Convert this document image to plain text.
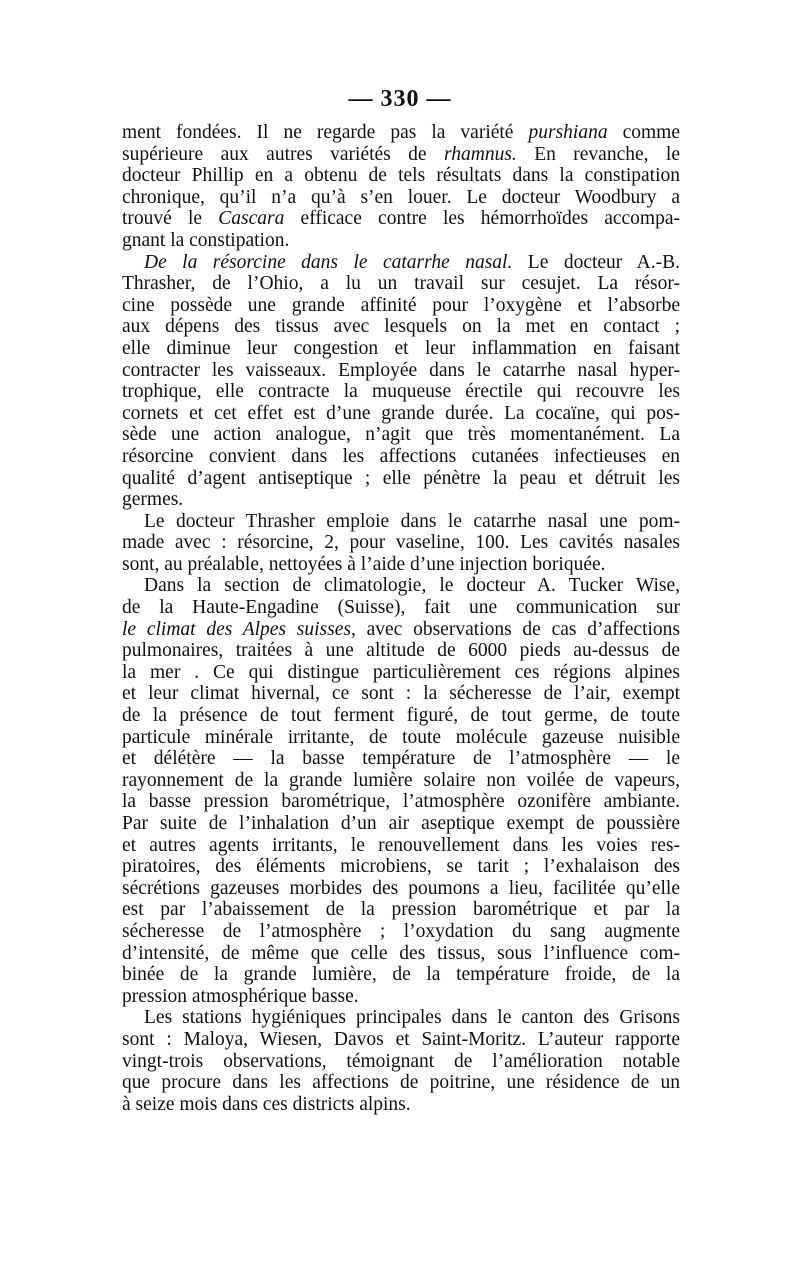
— 330 —
ment fondées. Il ne regarde pas la variété purshiana comme
supérieure aux autres variétés de rhamnus. En revanche, le
docteur Phillip en a obtenu de tels résultats dans la constipation
chronique, qu’il n’a qu’à s’en louer. Le docteur Woodbury a
trouvé le Cascara efficace contre les hémorrhoïdes accompa-
gnant la constipation.
De la résorcine dans le catarrhe nasal. Le docteur A.-B.
Thrasher, de l’Ohio, a lu un travail sur cesujet. La résor-
cine possède une grande affinité pour l’oxygène et l’absorbe
aux dépens des tissus avec lesquels on la met en contact ;
elle diminue leur congestion et leur inflammation en faisant
contracter les vaisseaux. Employée dans le catarrhe nasal hyper-
trophique, elle contracte la muqueuse érectile qui recouvre les
cornets et cet effet est d’une grande durée. La cocaïne, qui pos-
sède une action analogue, n’agit que très momentanément. La
résorcine convient dans les affections cutanées infectieuses en
qualité d’agent antiseptique ; elle pénètre la peau et détruit les
germes.
Le docteur Thrasher emploie dans le catarrhe nasal une pom-
made avec : résorcine, 2, pour vaseline, 100. Les cavités nasales
sont, au préalable, nettoyées à l’aide d’une injection boriquée.
Dans la section de climatologie, le docteur A. Tucker Wise,
de la Haute-Engadine (Suisse), fait une communication sur
le climat des Alpes suisses, avec observations de cas d’affections
pulmonaires, traitées à une altitude de 6000 pieds au-dessus de
la mer . Ce qui distingue particulièrement ces régions alpines
et leur climat hivernal, ce sont : la sécheresse de l’air, exempt
de la présence de tout ferment figuré, de tout germe, de toute
particule minérale irritante, de toute molécule gazeuse nuisible
et délétère — la basse température de l’atmosphère — le
rayonnement de la grande lumière solaire non voilée de vapeurs,
la basse pression barométrique, l’atmosphère ozonifère ambiante.
Par suite de l’inhalation d’un air aseptique exempt de poussière
et autres agents irritants, le renouvellement dans les voies res-
piratoires, des éléments microbiens, se tarit ; l’exhalaison des
sécrétions gazeuses morbides des poumons a lieu, facilitée qu’elle
est par l’abaissement de la pression barométrique et par la
sécheresse de l’atmosphère ; l’oxydation du sang augmente
d’intensité, de même que celle des tissus, sous l’influence com-
binée de la grande lumière, de la température froide, de la
pression atmosphérique basse.
Les stations hygiéniques principales dans le canton des Grisons
sont : Maloya, Wiesen, Davos et Saint-Moritz. L’auteur rapporte
vingt-trois observations, témoignant de l’amélioration notable
que procure dans les affections de poitrine, une résidence de un
à seize mois dans ces districts alpins.
